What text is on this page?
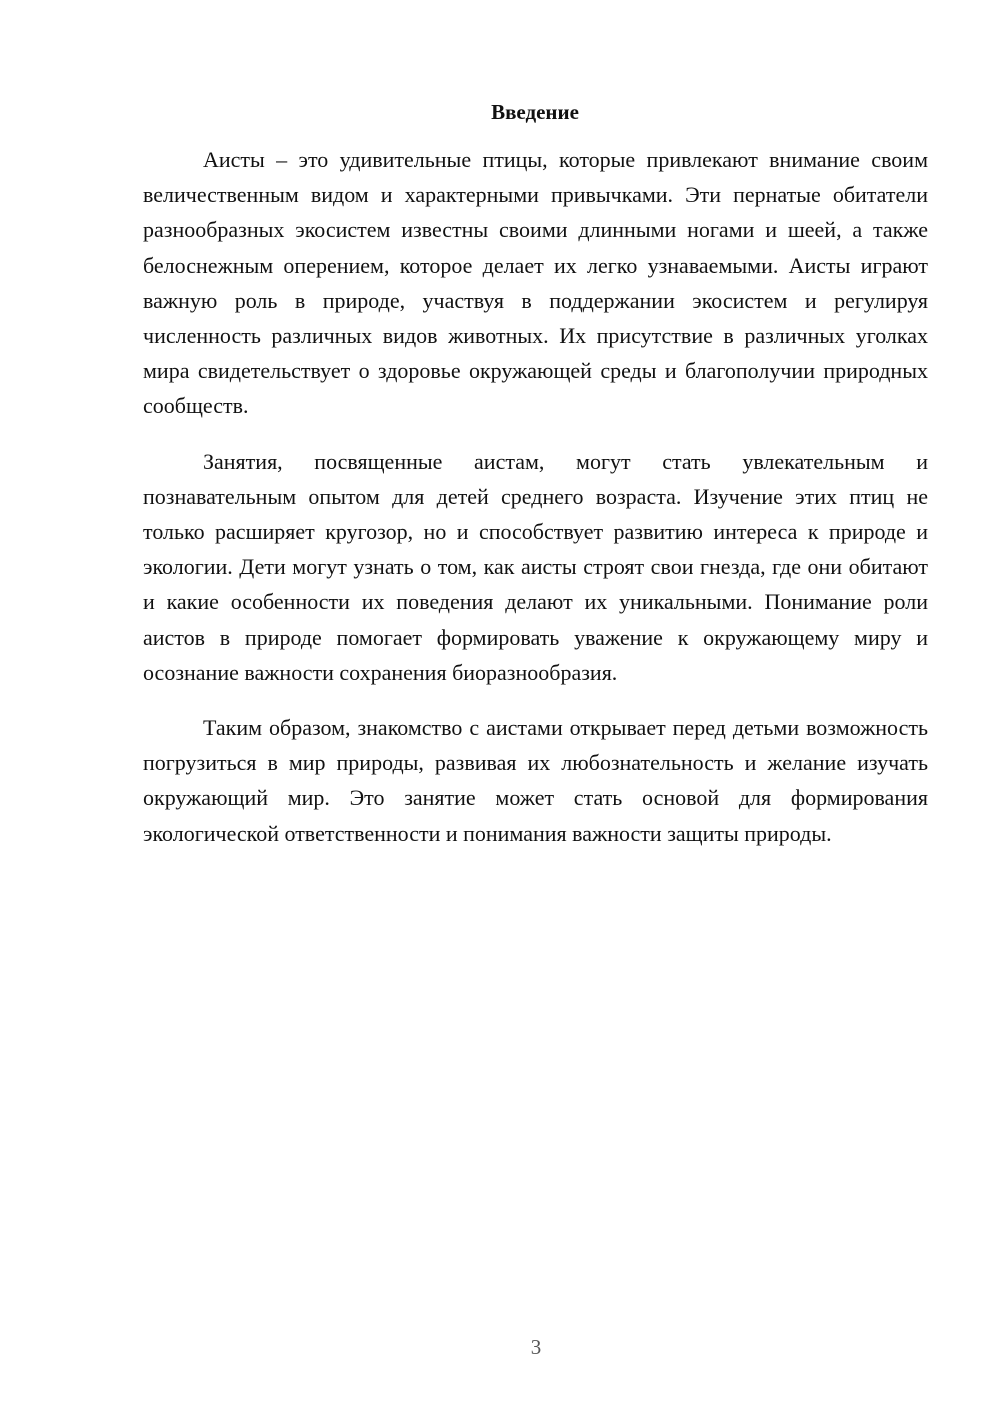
Введение

Аисты – это удивительные птицы, которые привлекают внимание своим величественным видом и характерными привычками. Эти пернатые обитатели разнообразных экосистем известны своими длинными ногами и шеей, а также белоснежным оперением, которое делает их легко узнаваемыми. Аисты играют важную роль в природе, участвуя в поддержании экосистем и регулируя численность различных видов животных. Их присутствие в различных уголках мира свидетельствует о здоровье окружающей среды и благополучии природных сообществ.

Занятия, посвященные аистам, могут стать увлекательным и познавательным опытом для детей среднего возраста. Изучение этих птиц не только расширяет кругозор, но и способствует развитию интереса к природе и экологии. Дети могут узнать о том, как аисты строят свои гнезда, где они обитают и какие особенности их поведения делают их уникальными. Понимание роли аистов в природе помогает формировать уважение к окружающему миру и осознание важности сохранения биоразнообразия.

Таким образом, знакомство с аистами открывает перед детьми возможность погрузиться в мир природы, развивая их любознательность и желание изучать окружающий мир. Это занятие может стать основой для формирования экологической ответственности и понимания важности защиты природы.

3
